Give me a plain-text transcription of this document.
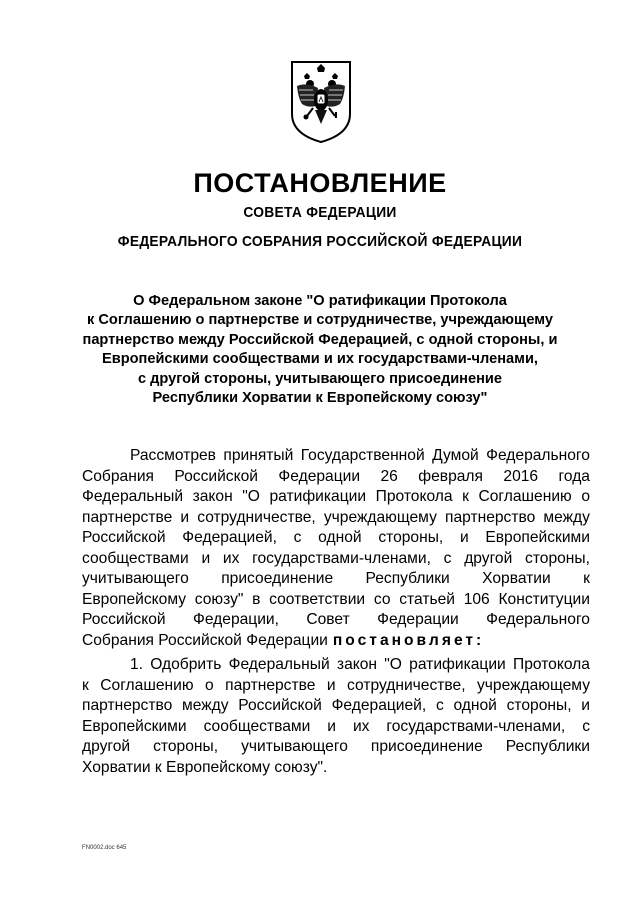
ПОСТАНОВЛЕНИЕ
СОВЕТА ФЕДЕРАЦИИ
ФЕДЕРАЛЬНОГО СОБРАНИЯ РОССИЙСКОЙ ФЕДЕРАЦИИ
О Федеральном законе "О ратификации Протокола
к Соглашению о партнерстве и сотрудничестве, учреждающему
партнерство между Российской Федерацией, с одной стороны, и
Европейскими сообществами и их государствами-членами,
с другой стороны, учитывающего присоединение
Республики Хорватии к Европейскому союзу"
Рассмотрев принятый Государственной Думой Федерального
Собрания Российской Федерации 26 февраля 2016 года
Федеральный закон "О ратификации Протокола к Соглашению о
партнерстве и сотрудничестве, учреждающему партнерство между
Российской Федерацией, с одной стороны, и Европейскими
сообществами и их государствами-членами, с другой стороны,
учитывающего присоединение Республики Хорватии к
Европейскому союзу" в соответствии со статьей 106 Конституции
Российской Федерации, Совет Федерации Федерального
Собрания Российской Федерации постановляет:
1. Одобрить Федеральный закон "О ратификации Протокола
к Соглашению о партнерстве и сотрудничестве, учреждающему
партнерство между Российской Федерацией, с одной стороны, и
Европейскими сообществами и их государствами-членами, с
другой стороны, учитывающего присоединение Республики
Хорватии к Европейскому союзу".
FN0002.doc 645
